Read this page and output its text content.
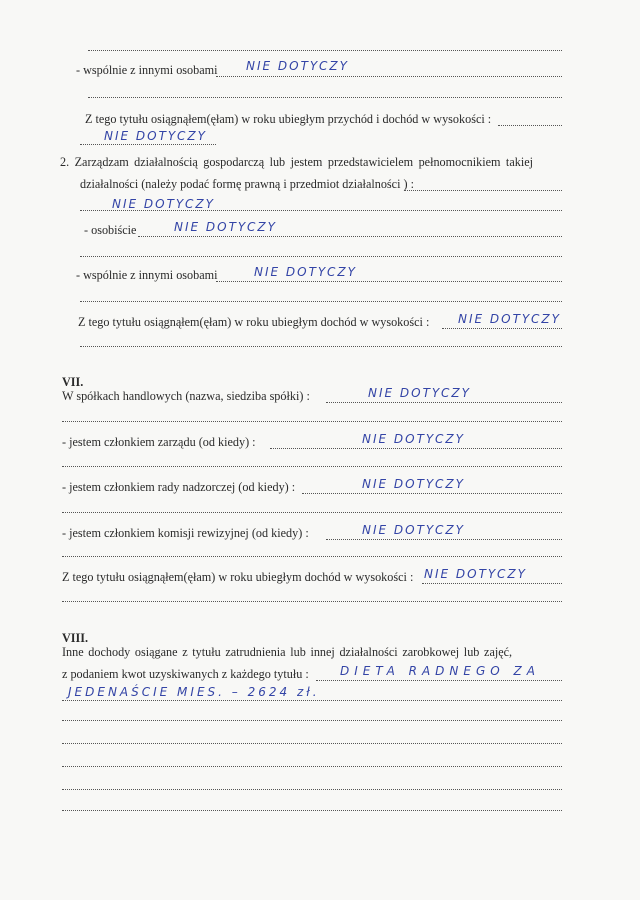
- wspólnie z innymi osobami NIE DOTYCZY
Z tego tytułu osiągnąłem(ęłam) w roku ubiegłym przychód i dochód w wysokości :
NIE DOTYCZY
2. Zarządzam działalnością gospodarczą lub jestem przedstawicielem pełnomocnikiem takiej
działalności (należy podać formę prawną i przedmiot działalności ) :
NIE DOTYCZY
- osobiście	NIE DOTYCZY
- wspólnie z innymi osobami	NIE DOTYCZY
Z tego tytułu osiągnąłem(ęłam) w roku ubiegłym dochód w wysokości : NIE DOTYCZY
VII.
W spółkach handlowych (nazwa, siedziba spółki) :	NIE DOTYCZY
- jestem członkiem zarządu (od kiedy) :	NIE DOTYCZY
- jestem członkiem rady nadzorczej (od kiedy) :	NIE DOTYCZY
- jestem członkiem komisji rewizyjnej (od kiedy) :	NIE DOTYCZY
Z tego tytułu osiągnąłem(ęłam) w roku ubiegłym dochód w wysokości : NIE DOTYCZY
VIII.
Inne dochody osiągane z tytułu zatrudnienia lub innej działalności zarobkowej lub zajęć,
z podaniem kwot uzyskiwanych z każdego tytułu :	DIETA RADNEGO ZA
JEDENAŚCIE MIES. – 2624 zł.
